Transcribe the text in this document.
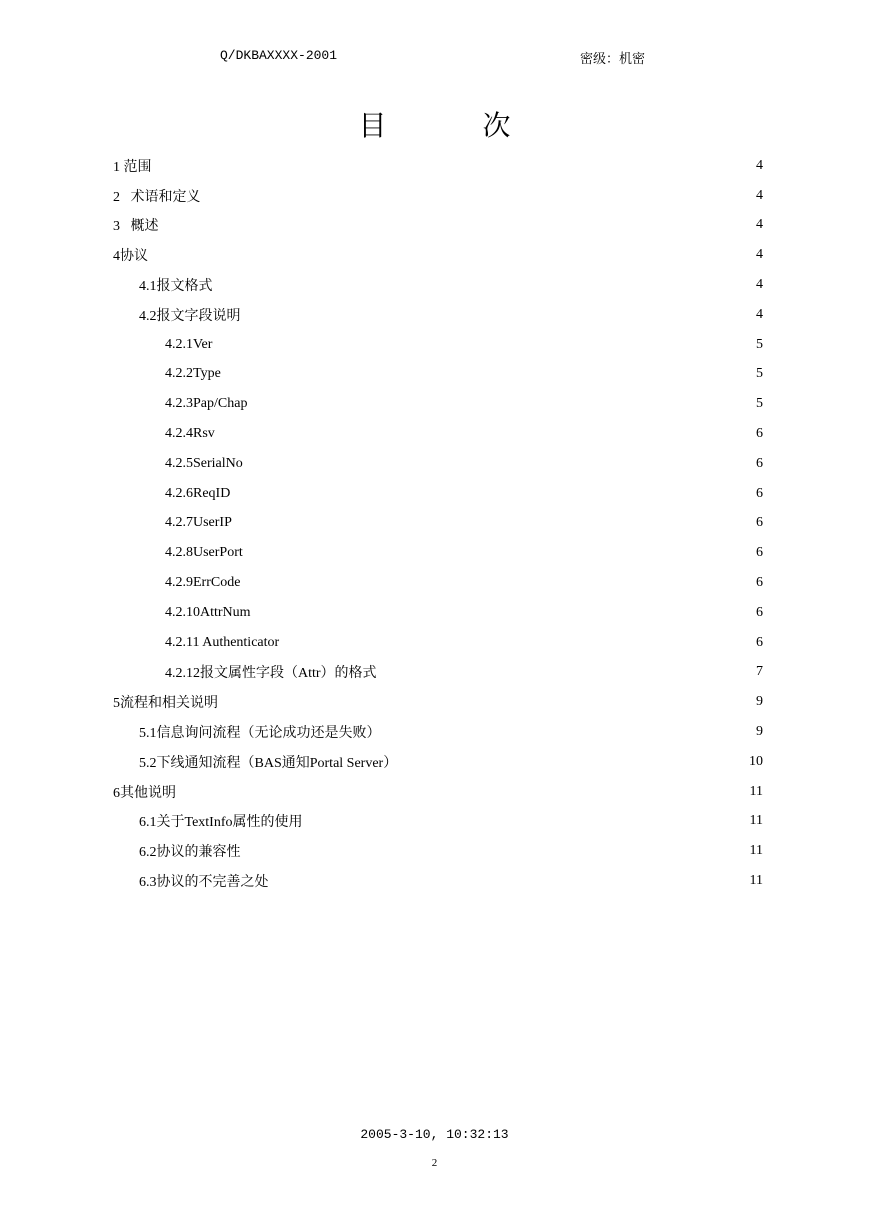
Q/DKBAXXXX-2001	密级：机密
目	次
1 范围	4
2   术语和定义	4
3   概述	4
4协议	4
4.1报文格式	4
4.2报文字段说明	4
4.2.1Ver	5
4.2.2Type	5
4.2.3Pap/Chap	5
4.2.4Rsv	6
4.2.5SerialNo	6
4.2.6ReqID	6
4.2.7UserIP	6
4.2.8UserPort	6
4.2.9ErrCode	6
4.2.10AttrNum	6
4.2.11 Authenticator	6
4.2.12报文属性字段（Attr）的格式	7
5流程和相关说明	9
5.1信息询问流程（无论成功还是失败）	9
5.2下线通知流程（BAS通知Portal Server）	10
6其他说明	11
6.1关于TextInfo属性的使用	11
6.2协议的兼容性	11
6.3协议的不完善之处	11
2005-3-10, 10:32:13
2
